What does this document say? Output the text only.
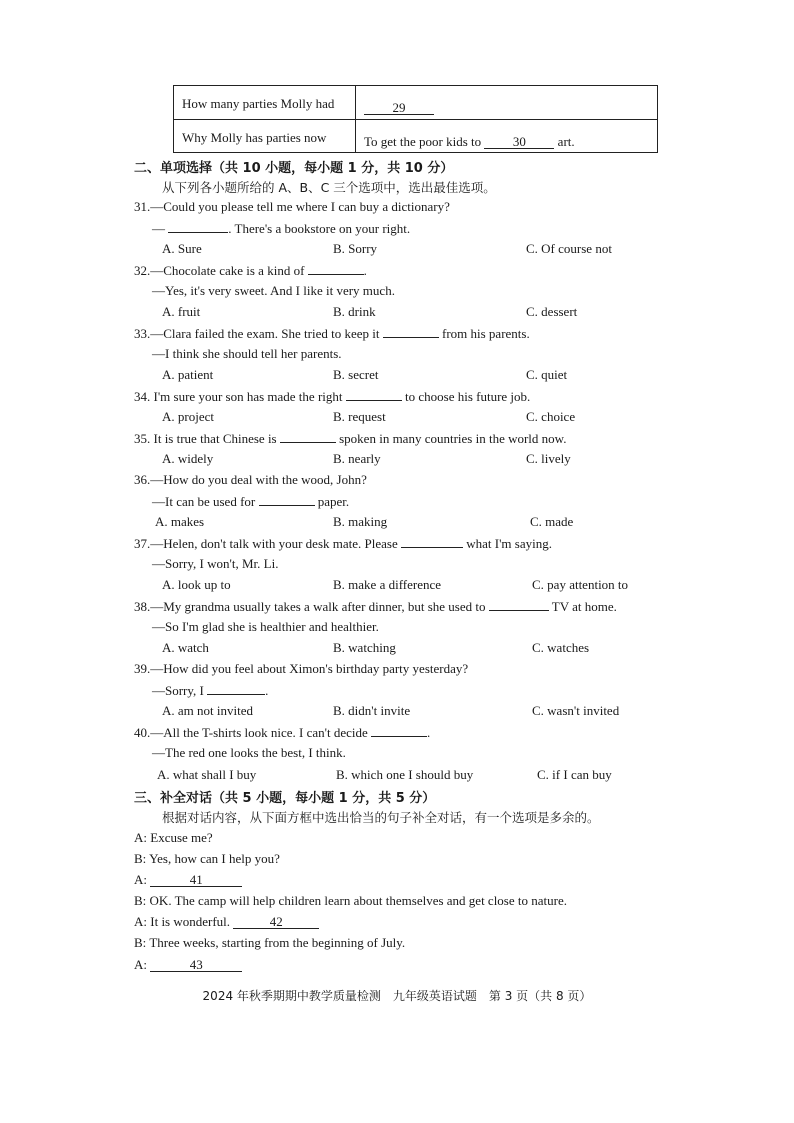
How many parties Molly had	29
Why Molly has parties now	To get the poor kids to 30 art.
二、单项选择（共 10 小题，每小题 1 分，共 10 分）
从下列各小题所给的 A、B、C 三个选项中，选出最佳选项。
31.—Could you please tell me where I can buy a dictionary?
—	. There's a bookstore on your right.
A. Sure	B. Sorry	C. Of course not
32.—Chocolate cake is a kind of	.
—Yes, it's very sweet. And I like it very much.
A. fruit	B. drink	C. dessert
33.—Clara failed the exam. She tried to keep it	from his parents.
—I think she should tell her parents.
A. patient	B. secret	C. quiet
34. I'm sure your son has made the right	to choose his future job.
A. project	B. request	C. choice
35. It is true that Chinese is	spoken in many countries in the world now.
A. widely	B. nearly	C. lively
36.—How do you deal with the wood, John?
—It can be used for	paper.
A. makes	B. making	C. made
37.—Helen, don't talk with your desk mate. Please	what I'm saying.
—Sorry, I won't, Mr. Li.
A. look up to	B. make a difference	C. pay attention to
38.—My grandma usually takes a walk after dinner, but she used to	TV at home.
—So I'm glad she is healthier and healthier.
A. watch	B. watching	C. watches
39.—How did you feel about Ximon's birthday party yesterday?
—Sorry, I	.
A. am not invited	B. didn't invite	C. wasn't invited
40.—All the T-shirts look nice. I can't decide	.
—The red one looks the best, I think.
A. what shall I buy	B. which one I should buy	C. if I can buy
三、补全对话（共 5 小题，每小题 1 分，共 5 分）
根据对话内容，从下面方框中选出恰当的句子补全对话，有一个选项是多余的。
A: Excuse me?
B: Yes, how can I help you?
A:	41
B: OK. The camp will help children learn about themselves and get close to nature.
A: It is wonderful.	42
B: Three weeks, starting from the beginning of July.
A:	43
2024 年秋季期期中教学质量检测　九年级英语试题　第 3 页（共 8 页）
